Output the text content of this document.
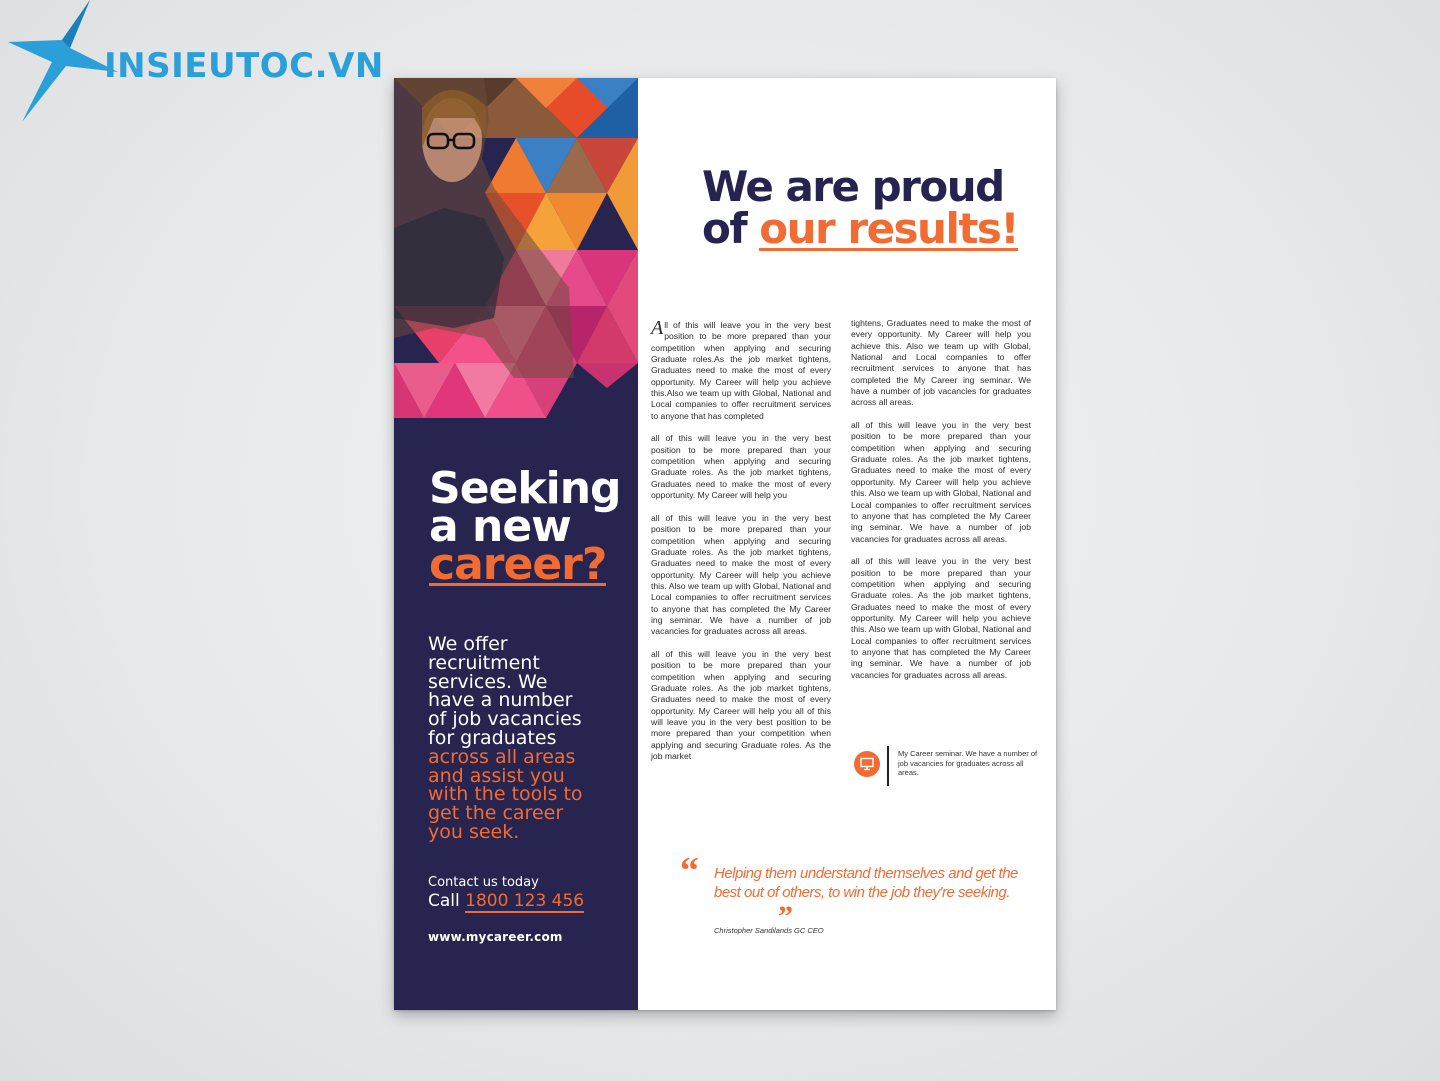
INSIEUTOC.VN

Seeking
a new
career?

We offer
recruitment
services. We
have a number
of job vacancies
for graduates
across all areas
and assist you
with the tools to
get the career
you seek.

Contact us today

Call 1800 123 456

www.mycareer.com

We are proud
of our results!

All of this will leave you in the very best position to be more prepared than your competition when applying and securing Graduate roles.As the job market tightens, Graduates need to make the most of every opportunity. My Career will help you achieve this.Also we team up with Global, National and Local companies to offer recruitment services to anyone that has completed

all of this will leave you in the very best position to be more prepared than your competition when applying and securing Graduate roles. As the job market tightens, Graduates need to make the most of every opportunity. My Career will help you

all of this will leave you in the very best position to be more prepared than your competition when applying and securing Graduate roles. As the job market tightens, Graduates need to make the most of every opportunity. My Career will help you achieve this. Also we team up with Global, National and Local companies to offer recruitment services to anyone that has completed the My Career ing seminar. We have a number of job vacancies for graduates across all areas.

all of this will leave you in the very best position to be more prepared than your competition when applying and securing Graduate roles. As the job market tightens, Graduates need to make the most of every opportunity. My Career will help you all of this will leave you in the very best position to be more prepared than your competition when applying and securing Graduate roles. As the job market

tightens, Graduates need to make the most of every opportunity. My Career will help you achieve this. Also we team up with Global, National and Local companies to offer recruitment services to anyone that has completed the My Career ing seminar. We have a number of job vacancies for graduates across all areas.

all of this will leave you in the very best position to be more prepared than your competition when applying and securing Graduate roles. As the job market tightens, Graduates need to make the most of every opportunity. My Career will help you achieve this. Also we team up with Global, National and Local companies to offer recruitment services to anyone that has completed the My Career ing seminar. We have a number of job vacancies for graduates across all areas.

all of this will leave you in the very best position to be more prepared than your competition when applying and securing Graduate roles. As the job market tightens, Graduates need to make the most of every opportunity. My Career will help you achieve this. Also we team up with Global, National and Local companies to offer recruitment services to anyone that has completed the My Career ing seminar. We have a number of job vacancies for graduates across all areas.

My Career seminar. We have a number of job vacancies for graduates across all areas.

“ Helping them understand themselves and get the best out of others, to win the job they're seeking.

”

Christopher Sandilands GC CEO
